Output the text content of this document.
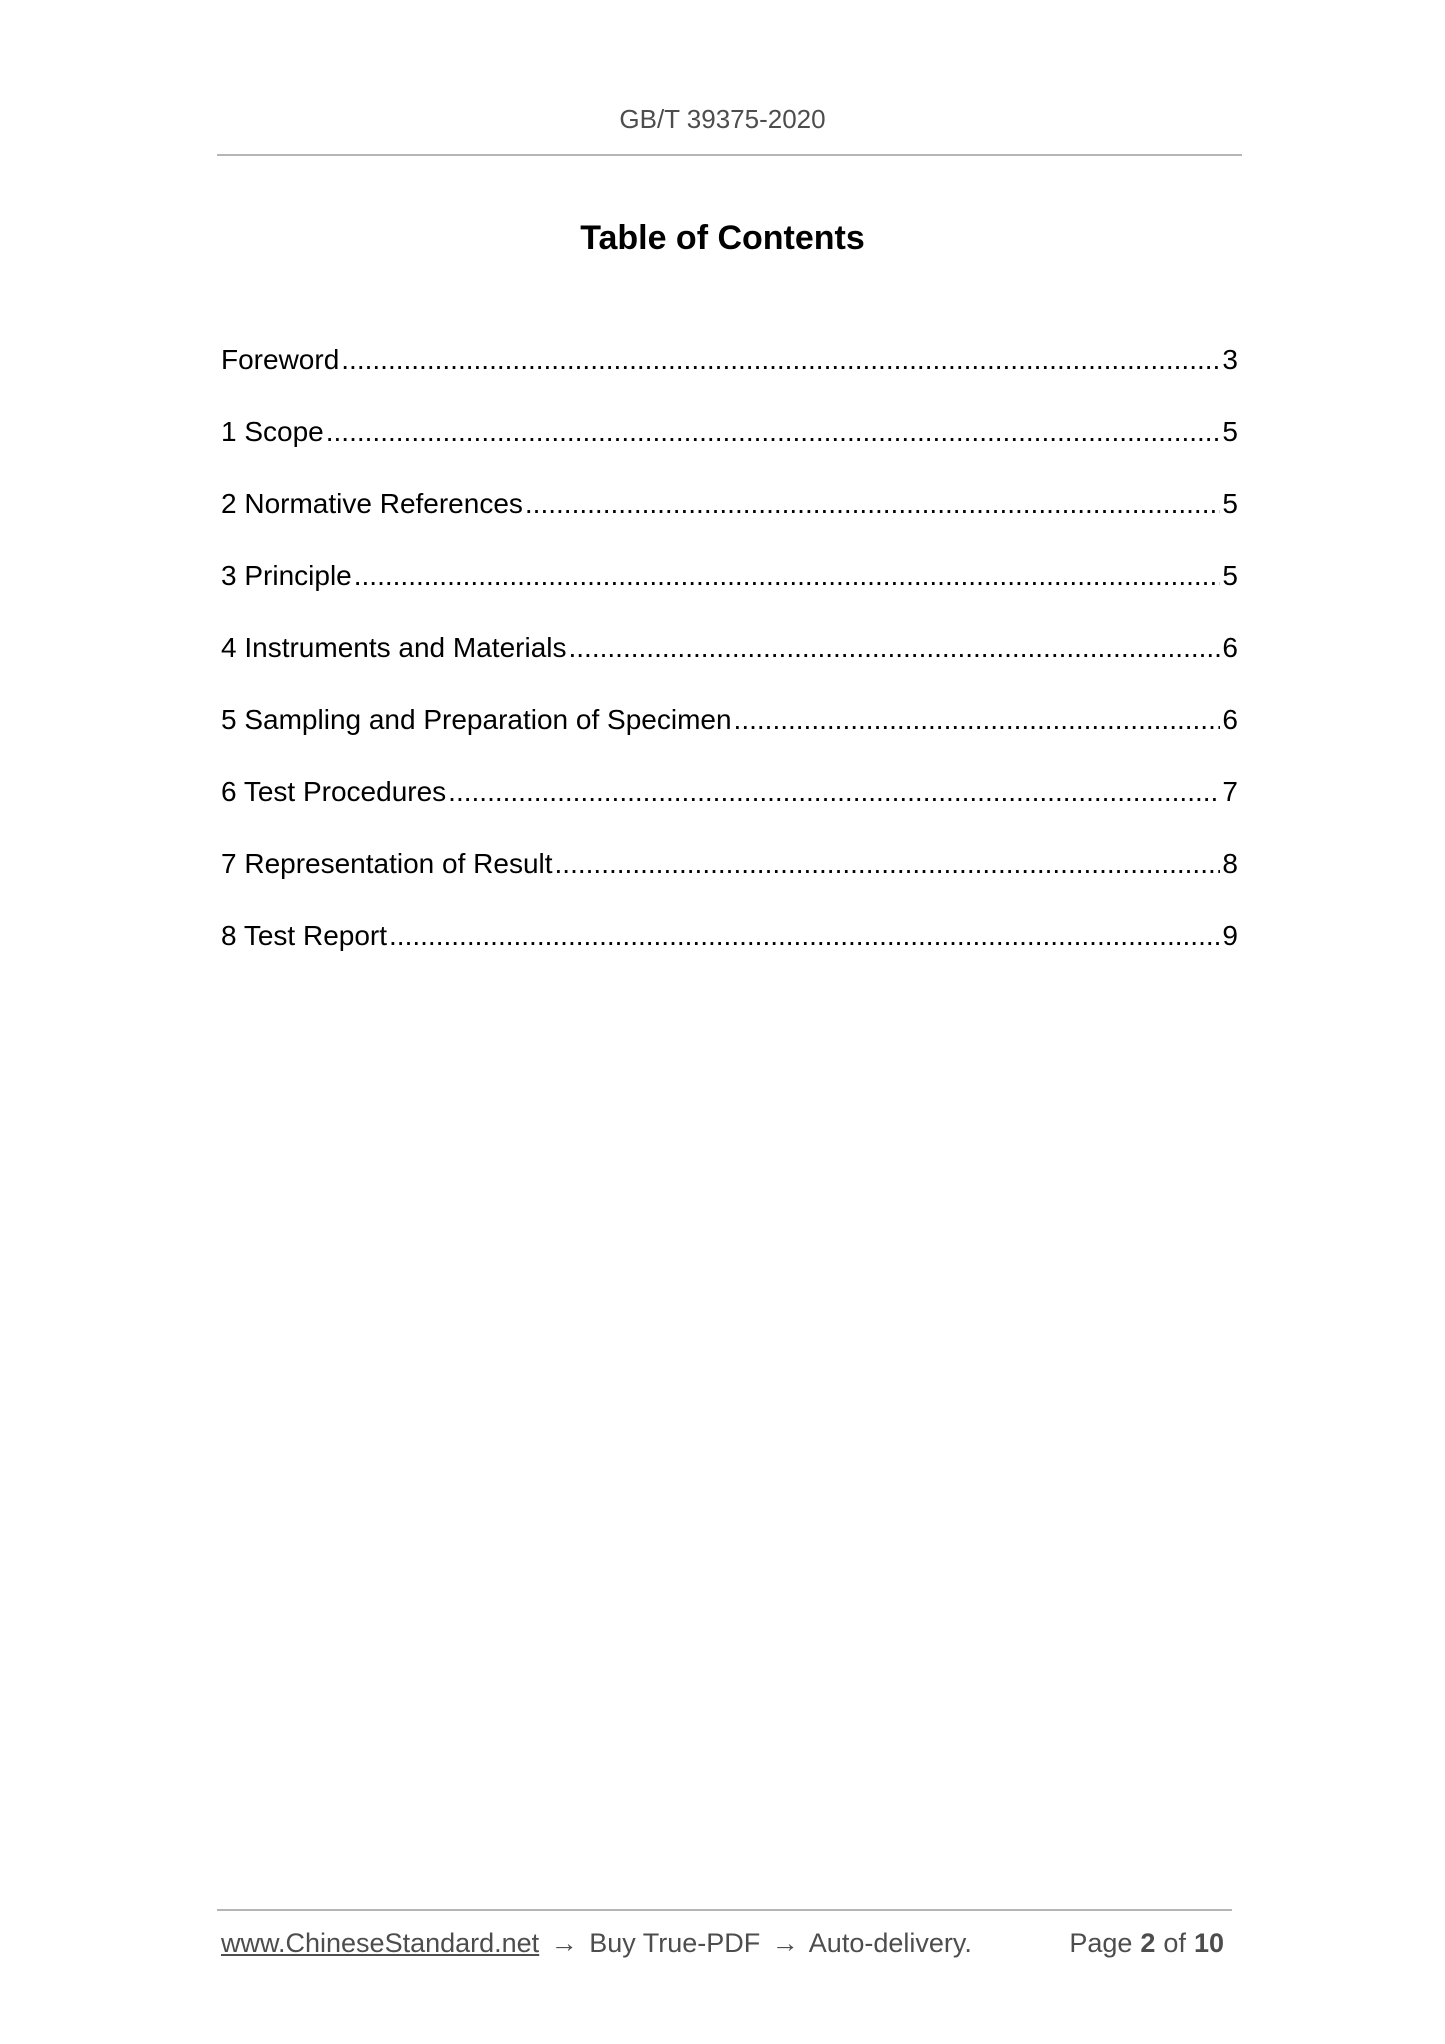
GB/T 39375-2020
Table of Contents
Foreword .....	3
1 Scope .....	5
2 Normative References .....	5
3 Principle .....	5
4 Instruments and Materials .....	6
5 Sampling and Preparation of Specimen .....	6
6 Test Procedures .....	7
7 Representation of Result .....	8
8 Test Report .....	9
www.ChineseStandard.net → Buy True-PDF → Auto-delivery.	Page 2 of 10
